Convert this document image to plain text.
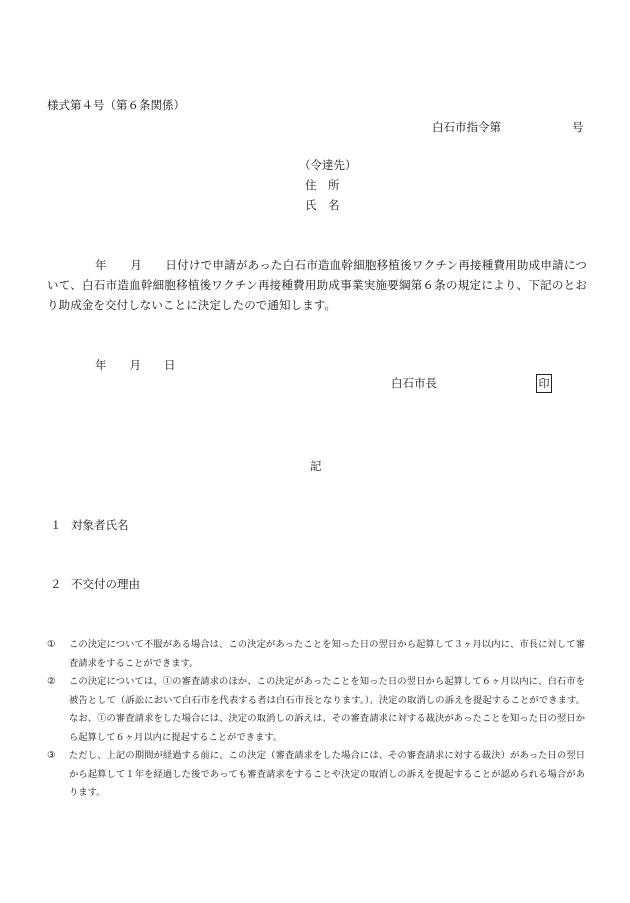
様式第４号（第６条関係）
白石市指令第	号
（令達先）
住　所
氏　名
年　　月　　日付けで申請があった白石市造血幹細胞移植後ワクチン再接種費用助成申請について、白石市造血幹細胞移植後ワクチン再接種費用助成事業実施要綱第６条の規定により、下記のとおり助成金を交付しないことに決定したので通知します。
年　　月　　日
白石市長	印
記
１ 対象者氏名
２ 不交付の理由
① この決定について不服がある場合は、この決定があったことを知った日の翌日から起算して３ヶ月以内に、市長に対して審査請求をすることができます。
② この決定については、①の審査請求のほか、この決定があったことを知った日の翌日から起算して６ヶ月以内に、白石市を被告として（訴訟において白石市を代表する者は白石市長となります。）、決定の取消しの訴えを提起することができます。なお、①の審査請求をした場合には、決定の取消しの訴えは、その審査請求に対する裁決があったことを知った日の翌日から起算して６ヶ月以内に提起することができます。
③ ただし、上記の期間が経過する前に、この決定（審査請求をした場合には、その審査請求に対する裁決）があった日の翌日から起算して１年を経過した後であっても審査請求をすることや決定の取消しの訴えを提起することが認められる場合があります。
